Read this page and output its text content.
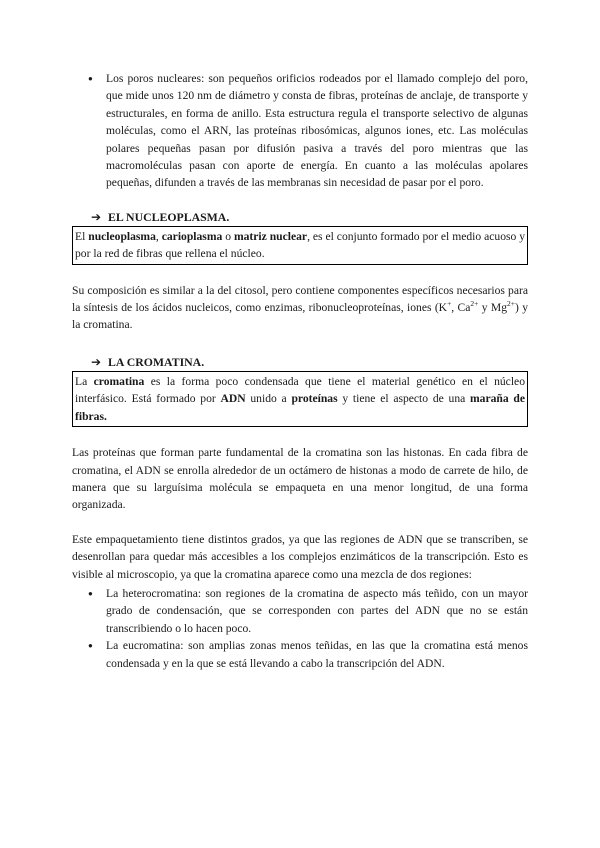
● Los poros nucleares: son pequeños orificios rodeados por el llamado complejo del poro, que mide unos 120 nm de diámetro y consta de fibras, proteínas de anclaje, de transporte y estructurales, en forma de anillo. Esta estructura regula el transporte selectivo de algunas moléculas, como el ARN, las proteínas ribosómicas, algunos iones, etc. Las moléculas polares pequeñas pasan por difusión pasiva a través del poro mientras que las macromoléculas pasan con aporte de energía. En cuanto a las moléculas apolares pequeñas, difunden a través de las membranas sin necesidad de pasar por el poro.
➔ EL NUCLEOPLASMA.

El nucleoplasma, carioplasma o matriz nuclear, es el conjunto formado por el medio acuoso y por la red de fibras que rellena el núcleo.

Su composición es similar a la del citosol, pero contiene componentes específicos necesarios para la síntesis de los ácidos nucleicos, como enzimas, ribonucleoproteínas, iones (K+, $Ca^{2+}$ y $Mg^{2+}$) y la cromatina.

➔ LA CROMATINA.

La cromatina es la forma poco condensada que tiene el material genético en el núcleo interfásico. Está formado por ADN unido a proteínas y tiene el aspecto de una maraña de fibras.

Las proteínas que forman parte fundamental de la cromatina son las histonas. En cada fibra de cromatina, el ADN se enrolla alrededor de un octámero de histonas a modo de carrete de hilo, de manera que su larguísima molécula se empaqueta en una menor longitud, de una forma organizada.

Este empaquetamiento tiene distintos grados, ya que las regiones de ADN que se transcriben, se desenrollan para quedar más accesibles a los complejos enzimáticos de la transcripción. Esto es visible al microscopio, ya que la cromatina aparece como una mezcla de dos regiones:

● La heterocromatina: son regiones de la cromatina de aspecto más teñido, con un mayor grado de condensación, que se corresponden con partes del ADN que no se están transcribiendo o lo hacen poco.
● La eucromatina: son amplias zonas menos teñidas, en las que la cromatina está menos condensada y en la que se está llevando a cabo la transcripción del ADN.
